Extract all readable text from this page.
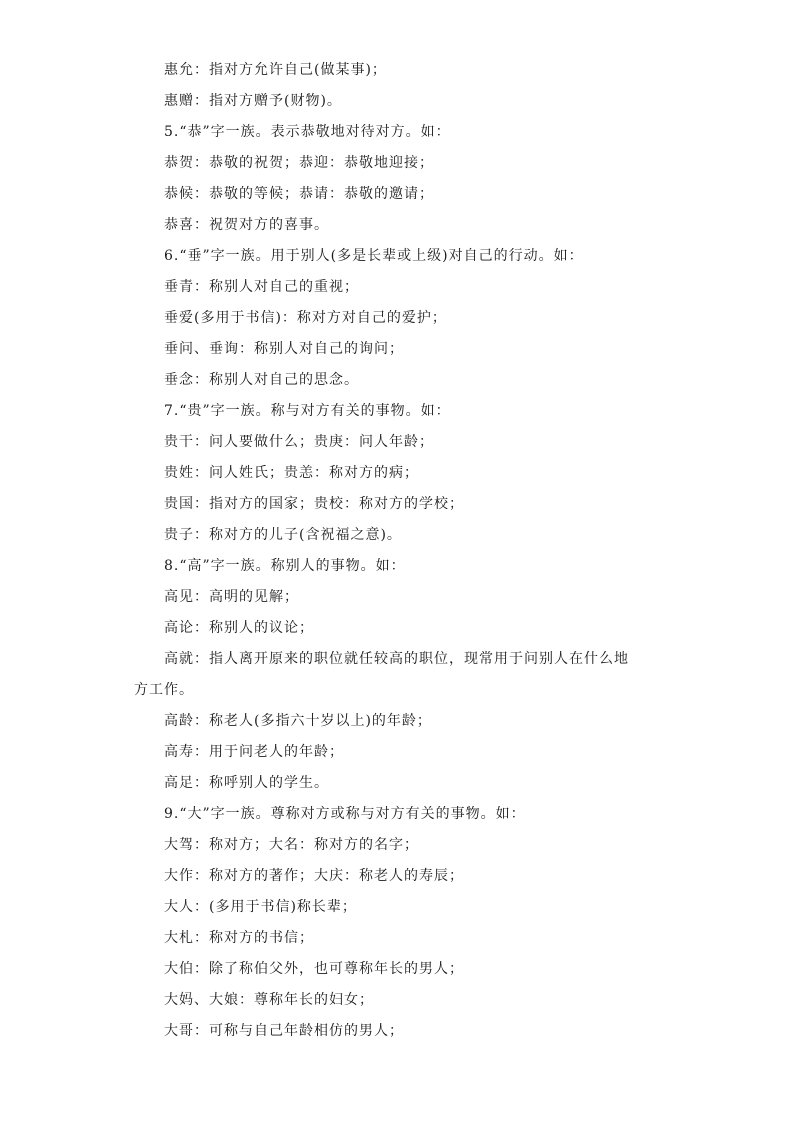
惠允：指对方允许自己(做某事)；
惠赠：指对方赠予(财物)。
5.“恭”字一族。表示恭敬地对待对方。如：
恭贺：恭敬的祝贺；恭迎：恭敬地迎接；
恭候：恭敬的等候；恭请：恭敬的邀请；
恭喜：祝贺对方的喜事。
6.“垂”字一族。用于别人(多是长辈或上级)对自己的行动。如：
垂青：称别人对自己的重视；
垂爱(多用于书信)：称对方对自己的爱护；
垂问、垂询：称别人对自己的询问；
垂念：称别人对自己的思念。
7.“贵”字一族。称与对方有关的事物。如：
贵干：问人要做什么；贵庚：问人年龄；
贵姓：问人姓氏；贵恙：称对方的病；
贵国：指对方的国家；贵校：称对方的学校；
贵子：称对方的儿子(含祝福之意)。
8.“高”字一族。称别人的事物。如：
高见：高明的见解；
高论：称别人的议论；
高就：指人离开原来的职位就任较高的职位，现常用于问别人在什么地
方工作。
高龄：称老人(多指六十岁以上)的年龄；
高寿：用于问老人的年龄；
高足：称呼别人的学生。
9.“大”字一族。尊称对方或称与对方有关的事物。如：
大驾：称对方；大名：称对方的名字；
大作：称对方的著作；大庆：称老人的寿辰；
大人：(多用于书信)称长辈；
大札：称对方的书信；
大伯：除了称伯父外，也可尊称年长的男人；
大妈、大娘：尊称年长的妇女；
大哥：可称与自己年龄相仿的男人；
